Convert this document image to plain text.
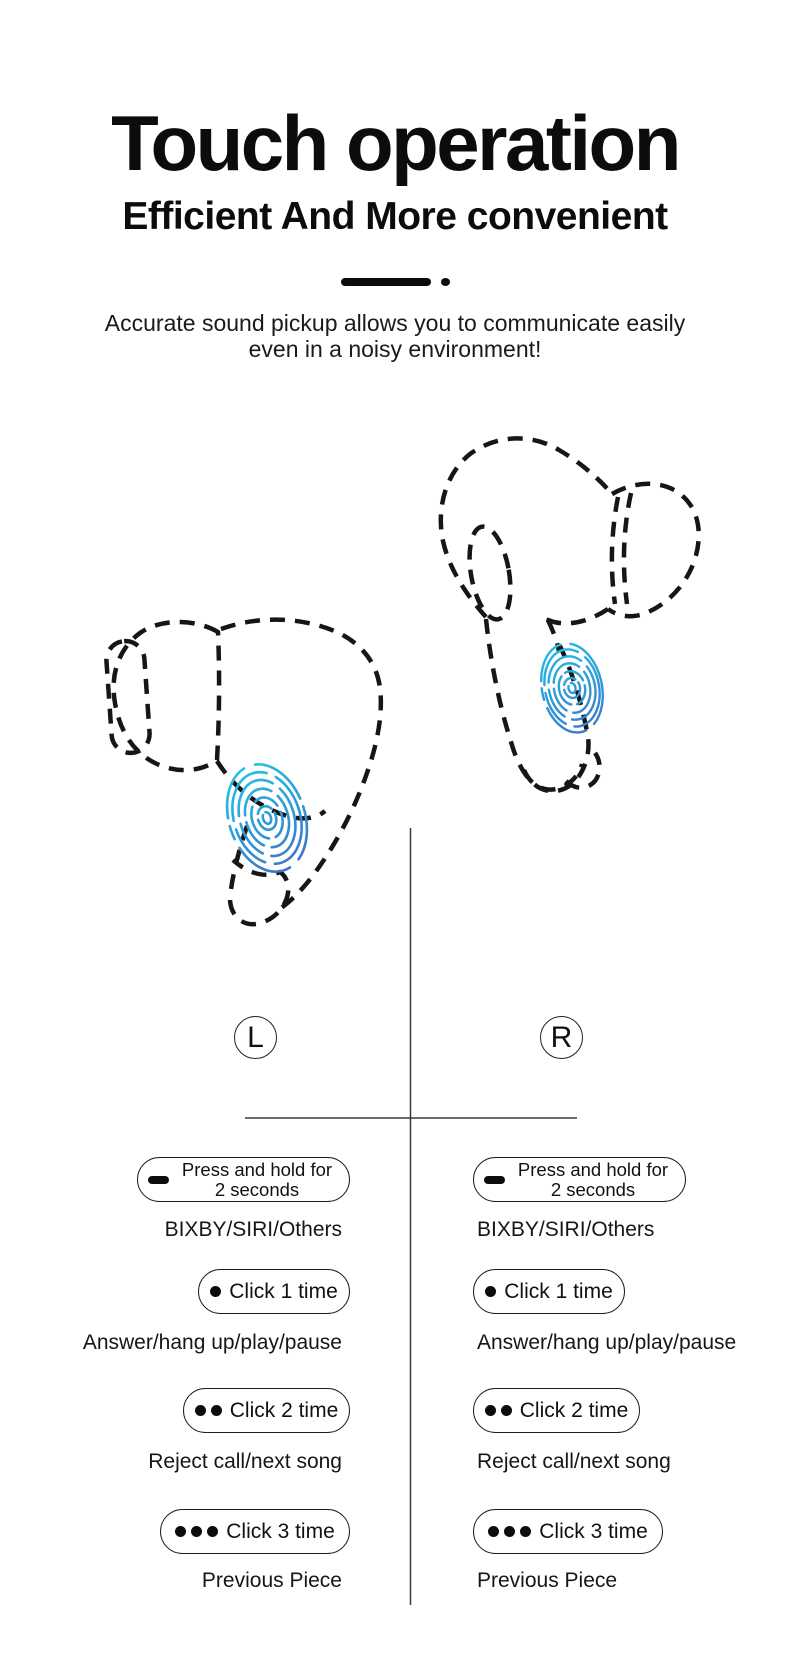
Touch operation
Efficient And More convenient
Accurate sound pickup allows you to communicate easily
even in a noisy environment!
L	R
Press and hold for
2 seconds
BIXBY/SIRI/Others
Click 1 time
Answer/hang up/play/pause
Click 2 time
Reject call/next song
Click 3 time
Previous Piece
Press and hold for
2 seconds
BIXBY/SIRI/Others
Click 1 time
Answer/hang up/play/pause
Click 2 time
Reject call/next song
Click 3 time
Previous Piece
